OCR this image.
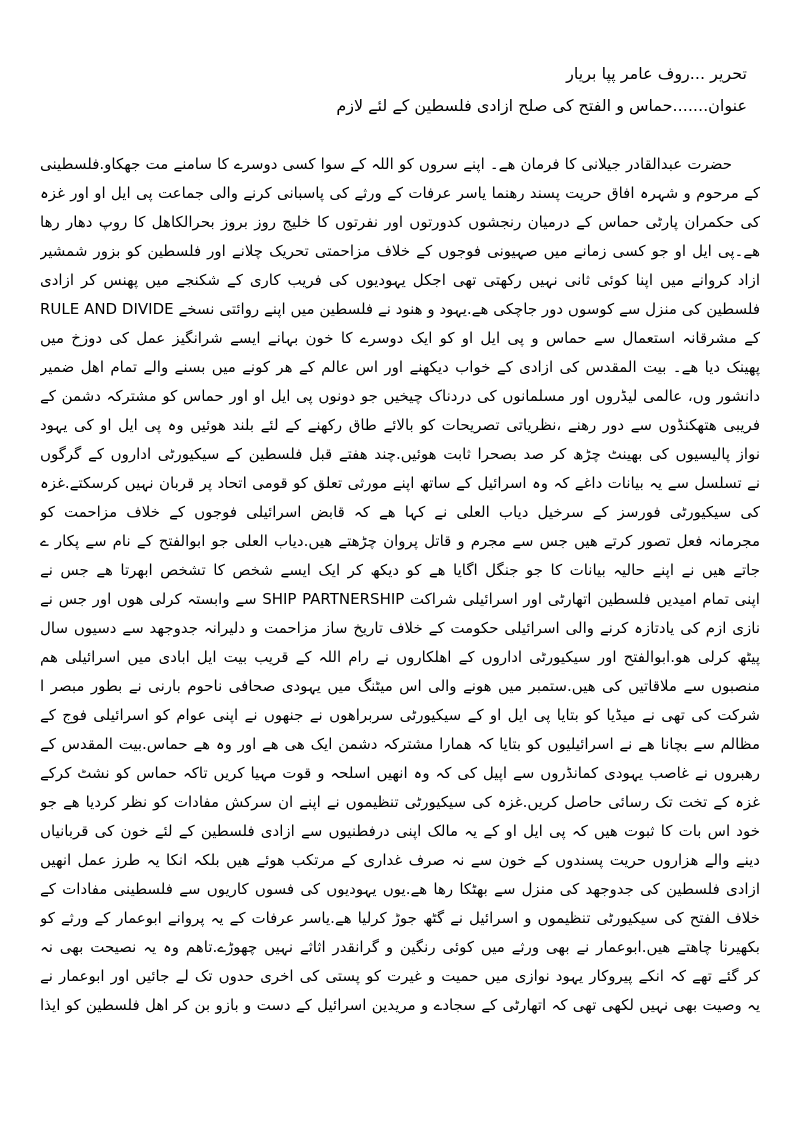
تحریر ...روف عامر پپا بریار
عنوان.......حماس و الفتح کی صلح ازادی فلسطین کے لئے لازم
حضرت عبدالقادر جیلانی کا فرمان ھے۔ اپنے سروں کو اللہ کے سوا کسی دوسرے کا سامنے مت جھکاو.فلسطینی
کے مرحوم و شہرہ افاق حریت پسند رھنما یاسر عرفات کے ورثے کی پاسبانی کرنے والی جماعت پی ایل او اور غزہ
کی حکمران پارٹی حماس کے درمیان رنجشوں کدورتوں اور نفرتوں کا خلیج روز بروز بحرالکاھل کا روپ دھار رھا
ھے۔پی ایل او جو کسی زمانے میں صہیونی فوجوں کے خلاف مزاحمتی تحریک چلانے اور فلسطین کو بزور شمشیر
ازاد کروانے میں اپنا کوئی ثانی نہیں رکھتی تھی اجکل یہودیوں کی فریب کاری کے شکنجے میں پھنس کر ازادی
فلسطین کی منزل سے کوسوں دور جاچکی ھے.یہود و ھنود نے فلسطین میں اپنے روائتی نسخے RULE AND DIVIDE
کے مشرقانہ استعمال سے حماس و پی ایل او کو ایک دوسرے کا خون بہانے ایسے شرانگیز عمل کی دوزخ میں
پھینک دیا ھے۔ بیت المقدس کی ازادی کے خواب دیکھنے اور اس عالم کے ھر کونے میں بسنے والے تمام اھل ضمیر
دانشور وں، عالمی لیڈروں اور مسلمانوں کی دردناک چیخیں جو دونوں پی ایل او اور حماس کو مشترکہ دشمن کے
فریبی ھتھکنڈوں سے دور رھنے ،نظریاتی تصریحات کو بالائے طاق رکھنے کے لئے بلند ھوئیں وہ پی ایل او کی یہود
نواز پالیسیوں کی بھینٹ چڑھ کر صد بصحرا ثابت ھوئیں.چند ھفتے قبل فلسطین کے سیکیورٹی اداروں کے گرگوں
نے تسلسل سے یہ بیانات داغے کہ وہ اسرائیل کے ساتھ اپنے مورثی تعلق کو قومی اتحاد پر قربان نہیں کرسکتے.غزہ
کی سیکیورٹی فورسز کے سرخیل دیاب العلی نے کہا ھے کہ قابض اسرائیلی فوجوں کے خلاف مزاحمت کو
مجرمانہ فعل تصور کرتے ھیں جس سے مجرم و قاتل پروان چڑھتے ھیں.دیاب العلی جو ابوالفتح کے نام سے پکار ے
جاتے ھیں نے اپنے حالیہ بیانات کا جو جنگل اگایا ھے کو دیکھ کر ایک ایسے شخص کا تشخص ابھرتا ھے جس نے
اپنی تمام امیدیں فلسطین اتھارٹی اور اسرائیلی شراکت SHIP PARTNERSHIP سے وابستہ کرلی ھوں اور جس نے
نازی ازم کی یادتازہ کرنے والی اسرائیلی حکومت کے خلاف تاریخ ساز مزاحمت و دلیرانہ جدوجھد سے دسیوں سال
پیٹھ کرلی ھو.ابوالفتح اور سیکیورٹی اداروں کے اھلکاروں نے رام اللہ کے قریب بیت ایل ابادی میں اسرائیلی ھم
منصبوں سے ملاقاتیں کی ھیں.ستمبر میں ھونے والی اس میٹنگ میں یہودی صحافی ناحوم بارنی نے بطور مبصر ا
شرکت کی تھی نے میڈیا کو بتایا پی ایل او کے سیکیورٹی سربراھوں نے جنھوں نے اپنی عوام کو اسرائیلی فوج کے
مظالم سے بچانا ھے نے اسرائیلیوں کو بتایا کہ ھمارا مشترکہ دشمن ایک ھی ھے اور وہ ھے حماس.بیت المقدس کے
رھبروں نے غاصب یہودی کمانڈروں سے اپیل کی کہ وہ انھیں اسلحہ و قوت مہیا کریں تاکہ حماس کو نشٹ کرکے
غزہ کے تخت تک رسائی حاصل کریں.غزہ کی سیکیورٹی تنظیموں نے اپنے ان سرکش مفادات کو نظر کردیا ھے جو
خود اس بات کا ثبوت ھیں کہ پی ایل او کے یہ مالک اپنی درفطنیوں سے ازادی فلسطین کے لئے خون کی قربانیاں
دینے والے ھزاروں حریت پسندوں کے خون سے نہ صرف غداری کے مرتکب ھوئے ھیں بلکہ انکا یہ طرز عمل انھیں
ازادی فلسطین کی جدوجھد کی منزل سے بھٹکا رھا ھے.یوں یہودیوں کی فسوں کاریوں سے فلسطینی مفادات کے
خلاف الفتح کی سیکیورٹی تنظیموں و اسرائیل نے گٹھ جوڑ کرلیا ھے.یاسر عرفات کے یہ پروانے ابوعمار کے ورثے کو
بکھیرنا چاھتے ھیں.ابوعمار نے بھی ورثے میں کوئی رنگین و گرانقدر اثاثے نہیں چھوڑے.تاھم وہ یہ نصیحت بھی نہ
کر گئے تھے کہ انکے پیروکار یہود نوازی میں حمیت و غیرت کو پستی کی اخری حدوں تک لے جائیں اور ابوعمار نے
یہ وصیت بھی نہیں لکھی تھی کہ اتھارٹی کے سجادے و مریدین اسرائیل کے دست و بازو بن کر اھل فلسطین کو ایذا
